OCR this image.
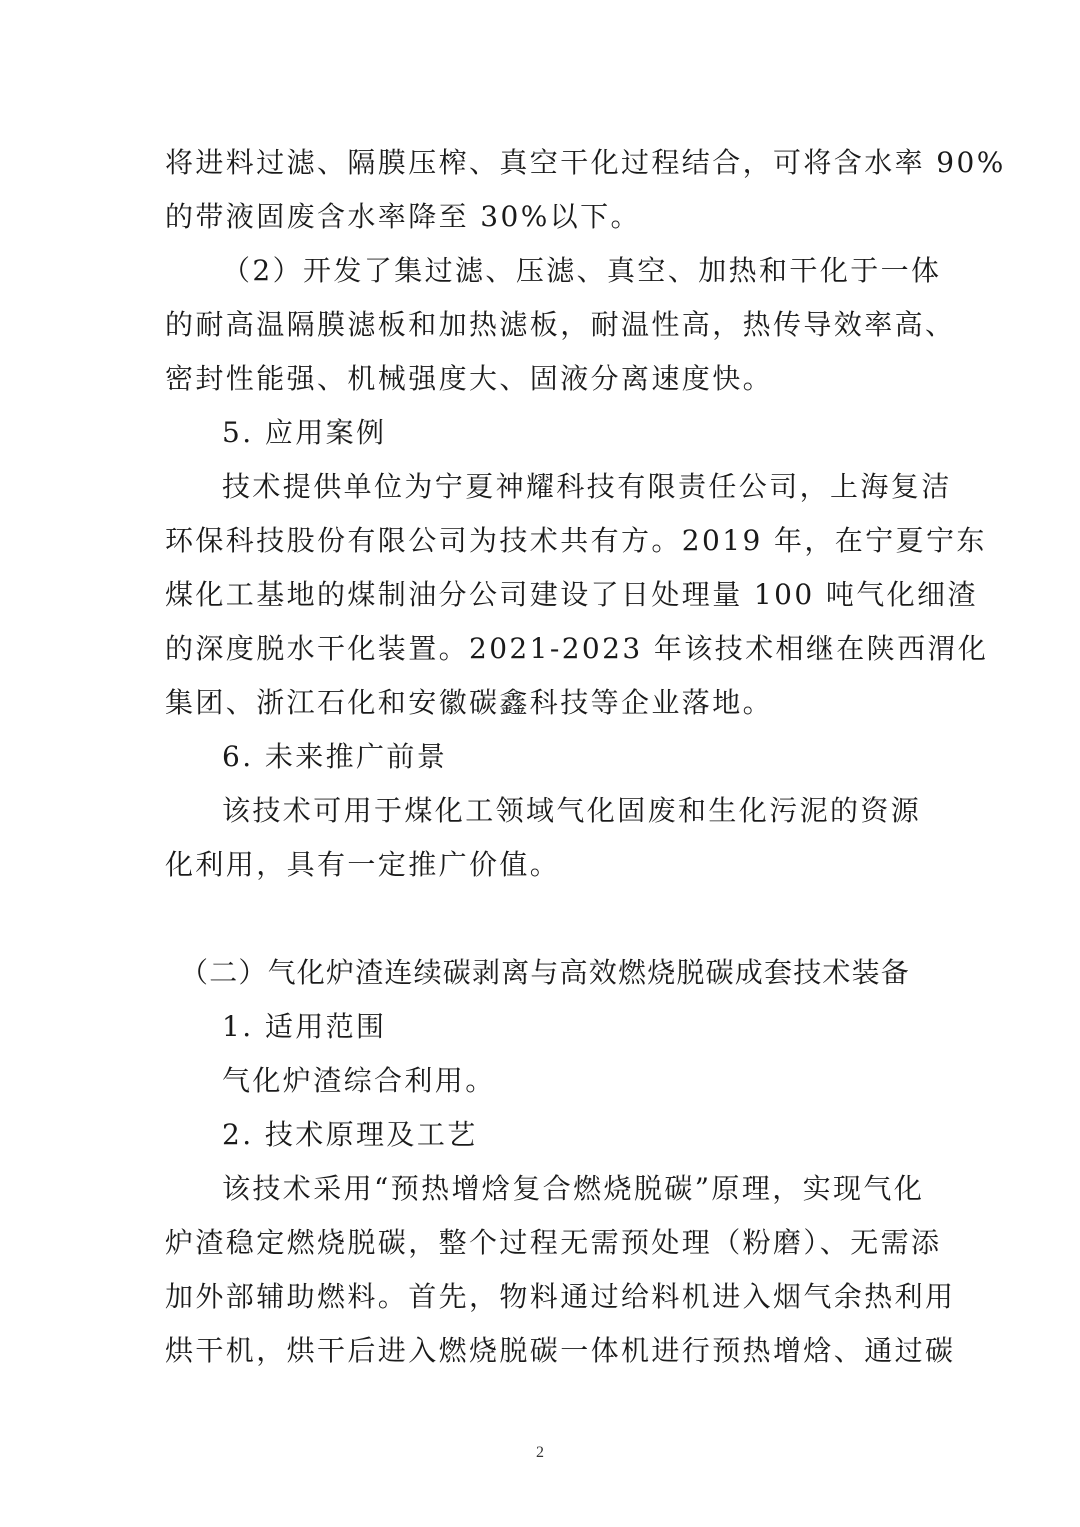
将进料过滤、隔膜压榨、真空干化过程结合，可将含水率 90%
的带液固废含水率降至 30%以下。
（2）开发了集过滤、压滤、真空、加热和干化于一体
的耐高温隔膜滤板和加热滤板，耐温性高，热传导效率高、
密封性能强、机械强度大、固液分离速度快。
5. 应用案例
技术提供单位为宁夏神耀科技有限责任公司，上海复洁
环保科技股份有限公司为技术共有方。2019 年，在宁夏宁东
煤化工基地的煤制油分公司建设了日处理量 100 吨气化细渣
的深度脱水干化装置。2021-2023 年该技术相继在陕西渭化
集团、浙江石化和安徽碳鑫科技等企业落地。
6. 未来推广前景
该技术可用于煤化工领域气化固废和生化污泥的资源
化利用，具有一定推广价值。
（二）气化炉渣连续碳剥离与高效燃烧脱碳成套技术装备
1. 适用范围
气化炉渣综合利用。
2. 技术原理及工艺
该技术采用“预热增焓复合燃烧脱碳”原理，实现气化
炉渣稳定燃烧脱碳，整个过程无需预处理（粉磨）、无需添
加外部辅助燃料。首先，物料通过给料机进入烟气余热利用
烘干机，烘干后进入燃烧脱碳一体机进行预热增焓、通过碳
2
